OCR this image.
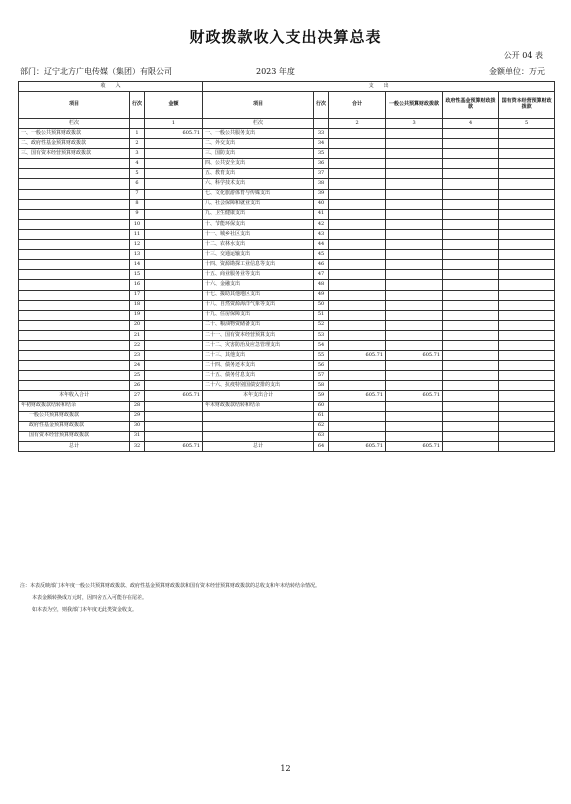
财政拨款收入支出决算总表
公开 04 表
部门：辽宁北方广电传媒（集团）有限公司	2023 年度	金额单位：万元
收　　入			支　　出					
项目	行次	金额	项目	行次	合计	一般公共预算财政拨款	政府性基金预算财政拨款	国有资本经营预算财政拨款
栏次		1	栏次		2	3	4	5
一、一般公共预算财政拨款	1	605.71	一、一般公共服务支出	33				
二、政府性基金预算财政拨款	2		二、外交支出	34				
三、国有资本经营预算财政拨款	3		三、国防支出	35				
	4		四、公共安全支出	36				
	5		五、教育支出	37				
	6		六、科学技术支出	38				
	7		七、文化旅游体育与传媒支出	39				
	8		八、社会保障和就业支出	40				
	9		九、卫生健康支出	41				
	10		十、节能环保支出	42				
	11		十一、城乡社区支出	43				
	12		十二、农林水支出	44				
	13		十三、交通运输支出	45				
	14		十四、资源勘探工业信息等支出	46				
	15		十五、商业服务业等支出	47				
	16		十六、金融支出	48				
	17		十七、援助其他地区支出	49				
	18		十八、自然资源海洋气象等支出	50				
	19		十九、住房保障支出	51				
	20		二十、粮油物资储备支出	52				
	21		二十一、国有资本经营预算支出	53				
	22		二十二、灾害防治及应急管理支出	54				
	23		二十三、其他支出	55	605.71	605.71		
	24		二十四、债务还本支出	56				
	25		二十五、债务付息支出	57				
	26		二十六、抗疫特别国债安排的支出	58				
本年收入合计	27	605.71	本年支出合计	59	605.71	605.71		
年初财政拨款结转和结余	28		年末财政拨款结转和结余	60				
一般公共预算财政拨款	29			61				
政府性基金预算财政拨款	30			62				
国有资本经营预算财政拨款	31			63				
总计	32	605.71	总计	64	605.71	605.71		
注：本表反映部门本年度一般公共预算财政拨款、政府性基金预算财政拨款和国有资本经营预算财政拨款的总收支和年末结转结余情况。
本表金额转换成万元时，因四舍五入可能存在尾差。
如本表为空，则我部门本年度无此类资金收支。
12
